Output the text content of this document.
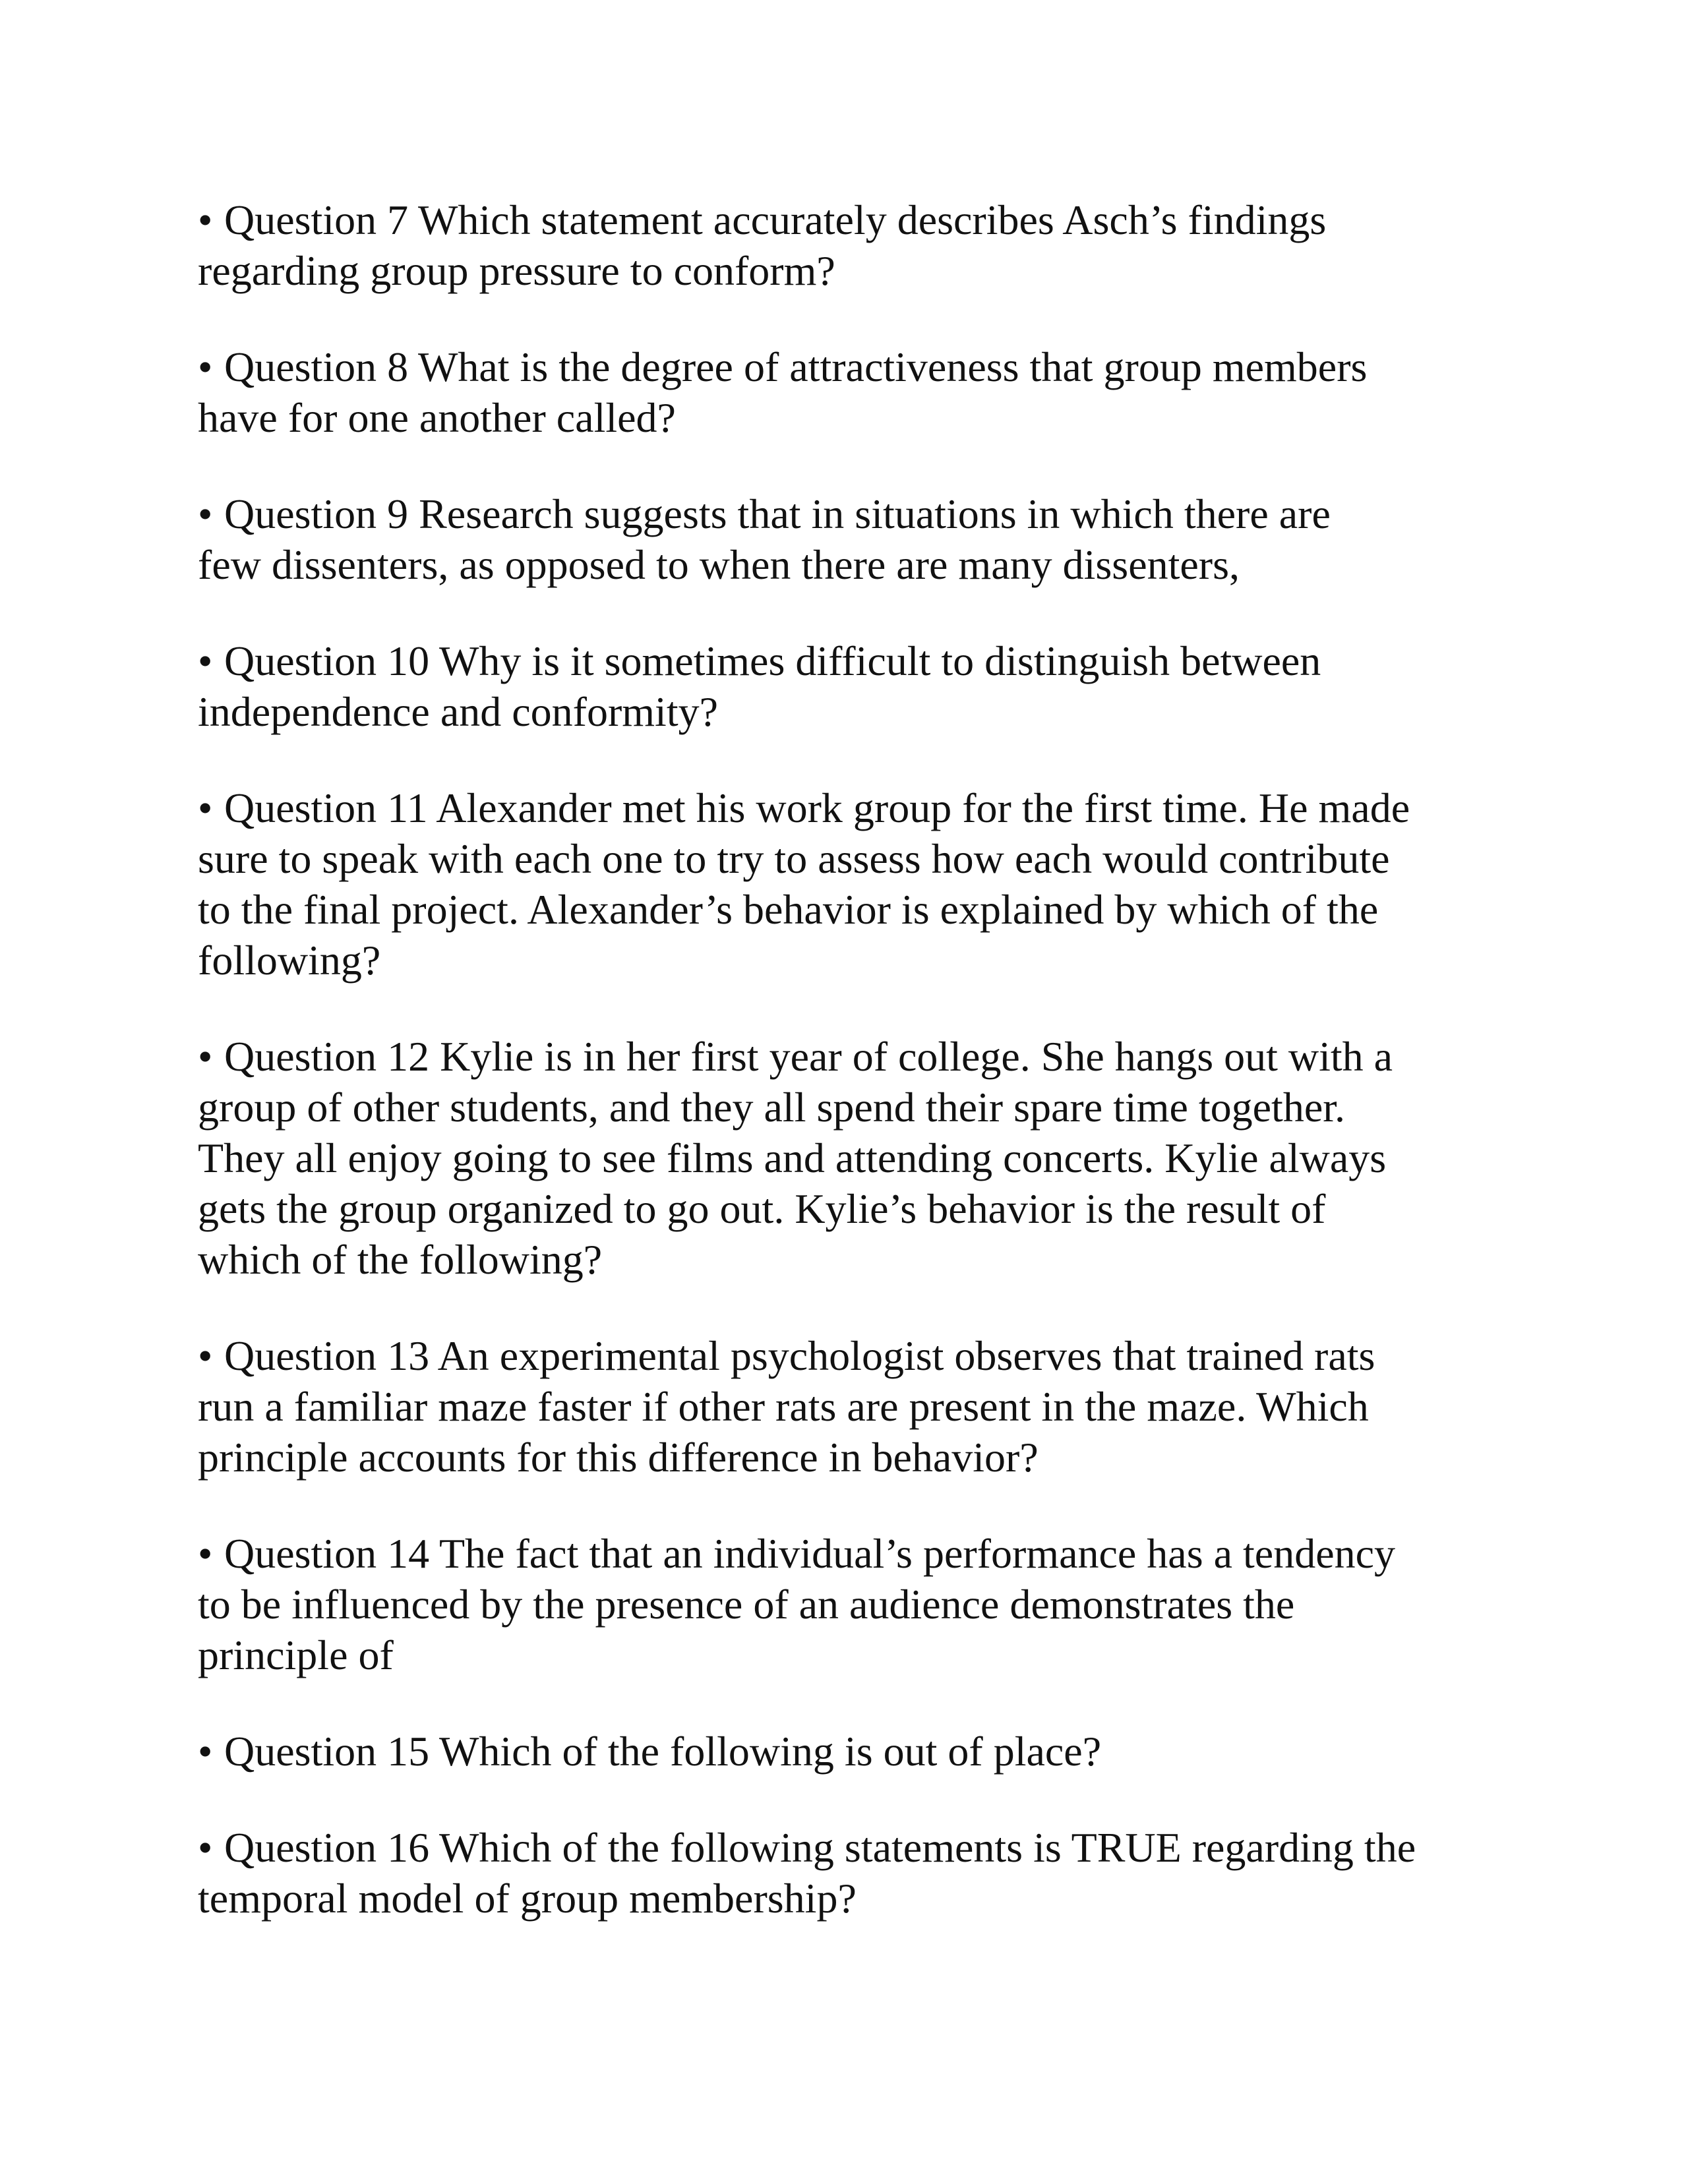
• Question 7 Which statement accurately describes Asch’s findings
regarding group pressure to conform?

• Question 8 What is the degree of attractiveness that group members
have for one another called?

• Question 9 Research suggests that in situations in which there are
few dissenters, as opposed to when there are many dissenters,

• Question 10 Why is it sometimes difficult to distinguish between
independence and conformity?

• Question 11 Alexander met his work group for the first time. He made
sure to speak with each one to try to assess how each would contribute
to the final project. Alexander’s behavior is explained by which of the
following?

• Question 12 Kylie is in her first year of college. She hangs out with a
group of other students, and they all spend their spare time together.
They all enjoy going to see films and attending concerts. Kylie always
gets the group organized to go out. Kylie’s behavior is the result of
which of the following?

• Question 13 An experimental psychologist observes that trained rats
run a familiar maze faster if other rats are present in the maze. Which
principle accounts for this difference in behavior?

• Question 14 The fact that an individual’s performance has a tendency
to be influenced by the presence of an audience demonstrates the
principle of

• Question 15 Which of the following is out of place?

• Question 16 Which of the following statements is TRUE regarding the
temporal model of group membership?
